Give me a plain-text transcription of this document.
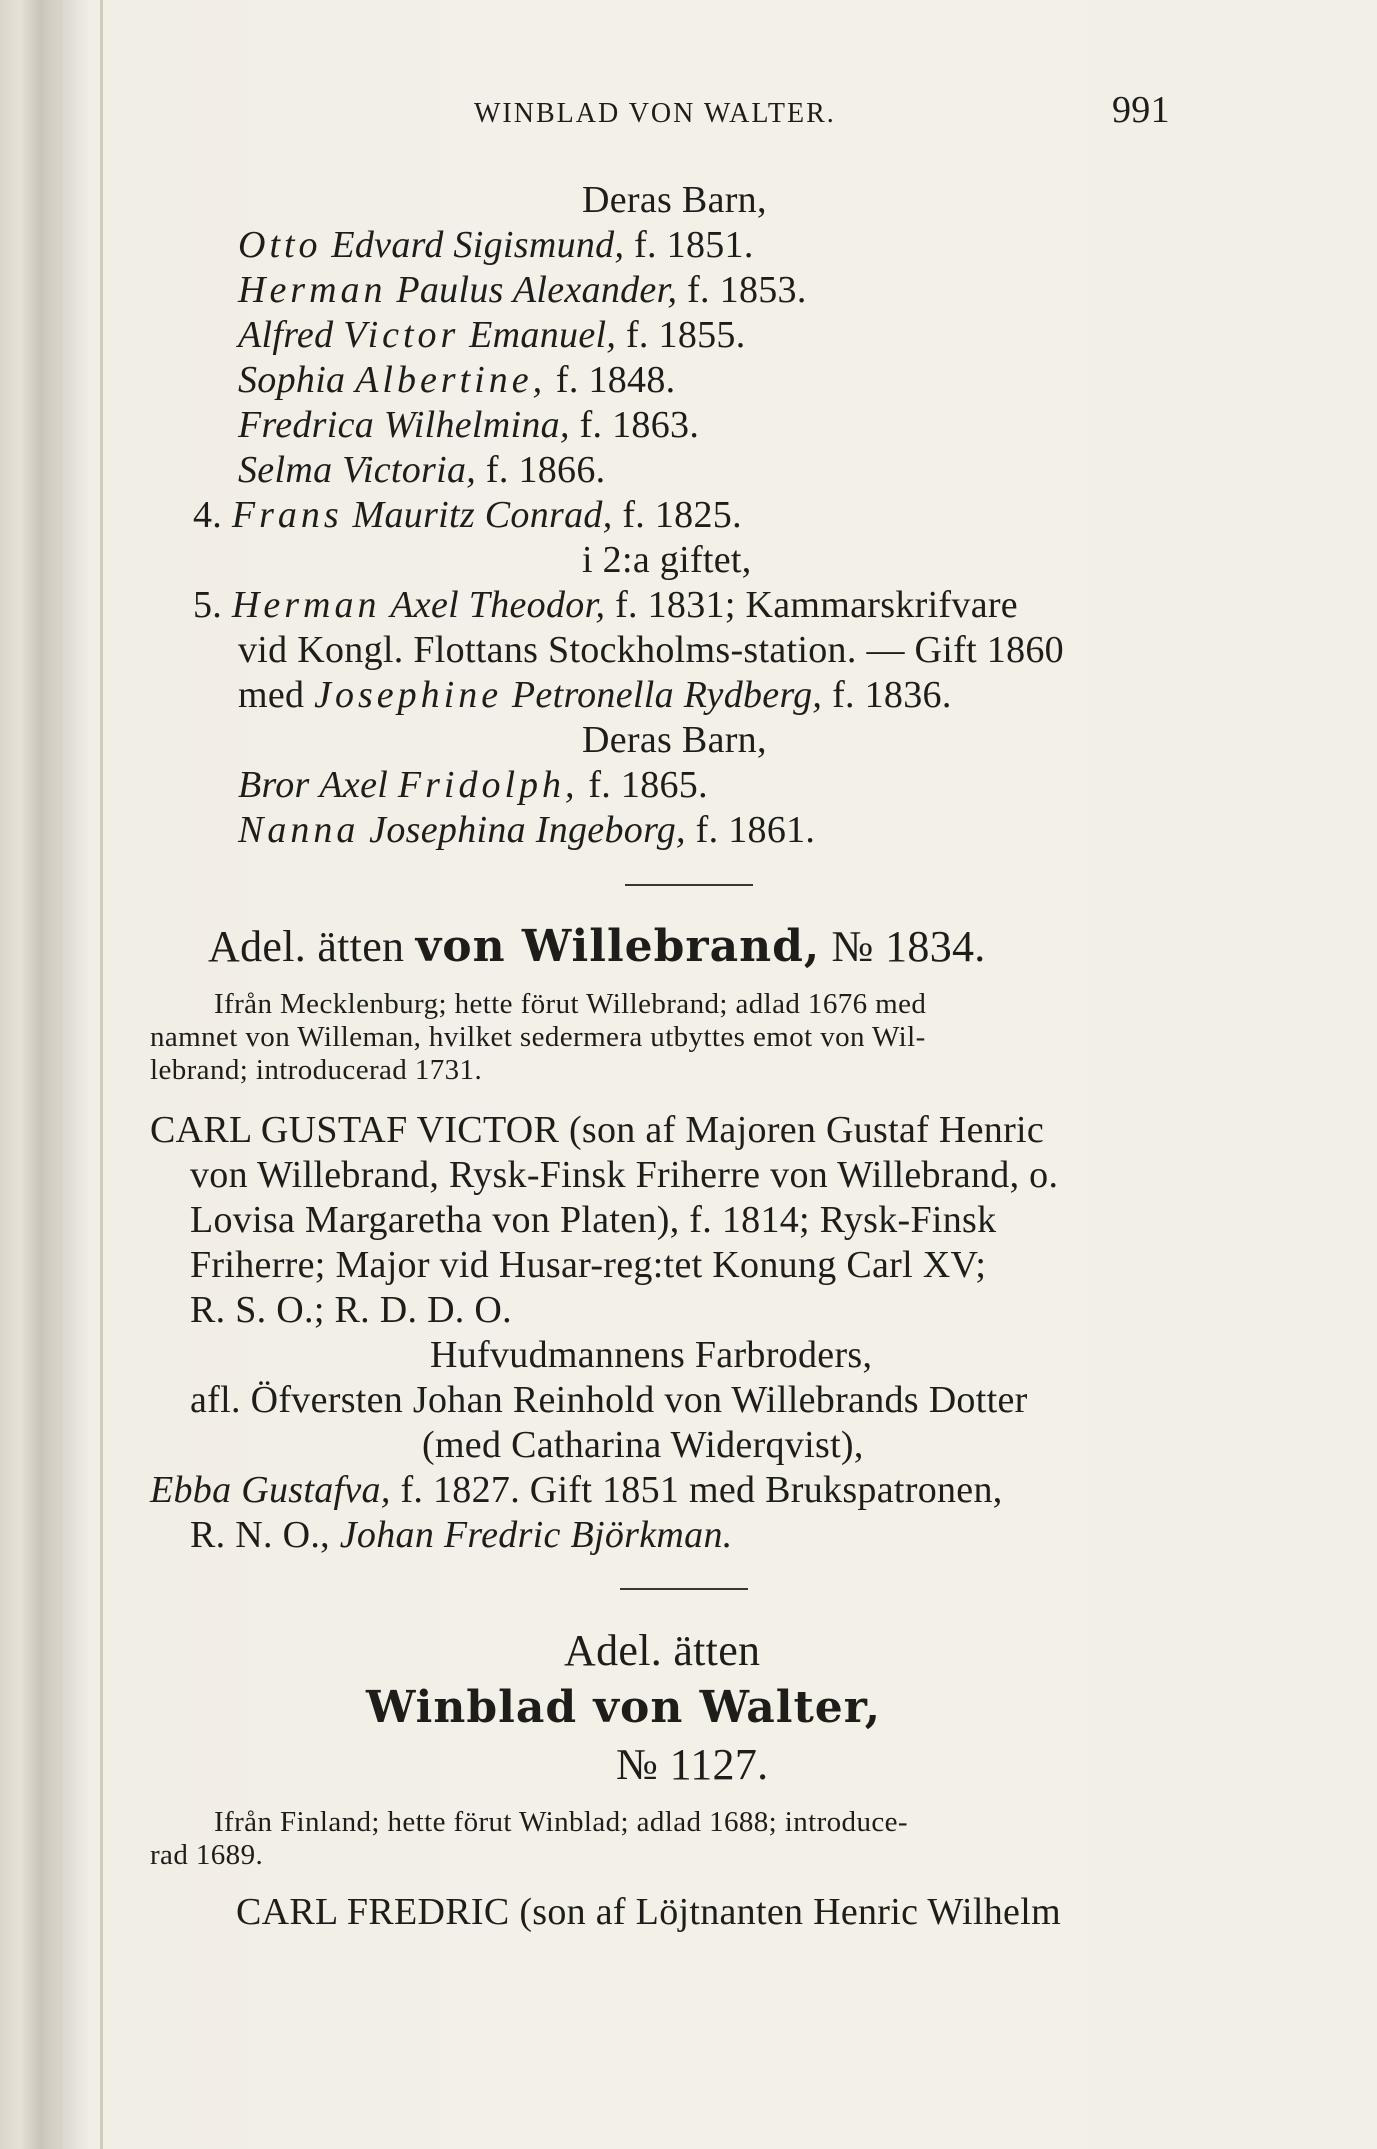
WINBLAD VON WALTER.	991
Deras Barn,
Otto Edvard Sigismund, f. 1851.
Herman Paulus Alexander, f. 1853.
Alfred Victor Emanuel, f. 1855.
Sophia Albertine, f. 1848.
Fredrica Wilhelmina, f. 1863.
Selma Victoria, f. 1866.
4. Frans Mauritz Conrad, f. 1825.
i 2:a giftet,
5. Herman Axel Theodor, f. 1831; Kammarskrifvare
vid Kongl. Flottans Stockholms-station. — Gift 1860
med Josephine Petronella Rydberg, f. 1836.
Deras Barn,
Bror Axel Fridolph, f. 1865.
Nanna Josephina Ingeborg, f. 1861.
Adel. ätten von Willebrand, № 1834.
Ifrån Mecklenburg; hette förut Willebrand; adlad 1676 med
namnet von Willeman, hvilket sedermera utbyttes emot von Wil-
lebrand; introducerad 1731.
CARL GUSTAF VICTOR (son af Majoren Gustaf Henric
von Willebrand, Rysk-Finsk Friherre von Willebrand, o.
Lovisa Margaretha von Platen), f. 1814; Rysk-Finsk
Friherre; Major vid Husar-reg:tet Konung Carl XV;
R. S. O.; R. D. D. O.
Hufvudmannens Farbroders,
afl. Öfversten Johan Reinhold von Willebrands Dotter
(med Catharina Widerqvist),
Ebba Gustafva, f. 1827. Gift 1851 med Brukspatronen,
R. N. O., Johan Fredric Björkman.
Adel. ätten
Winblad von Walter,
№ 1127.
Ifrån Finland; hette förut Winblad; adlad 1688; introduce-
rad 1689.
CARL FREDRIC (son af Löjtnanten Henric Wilhelm
